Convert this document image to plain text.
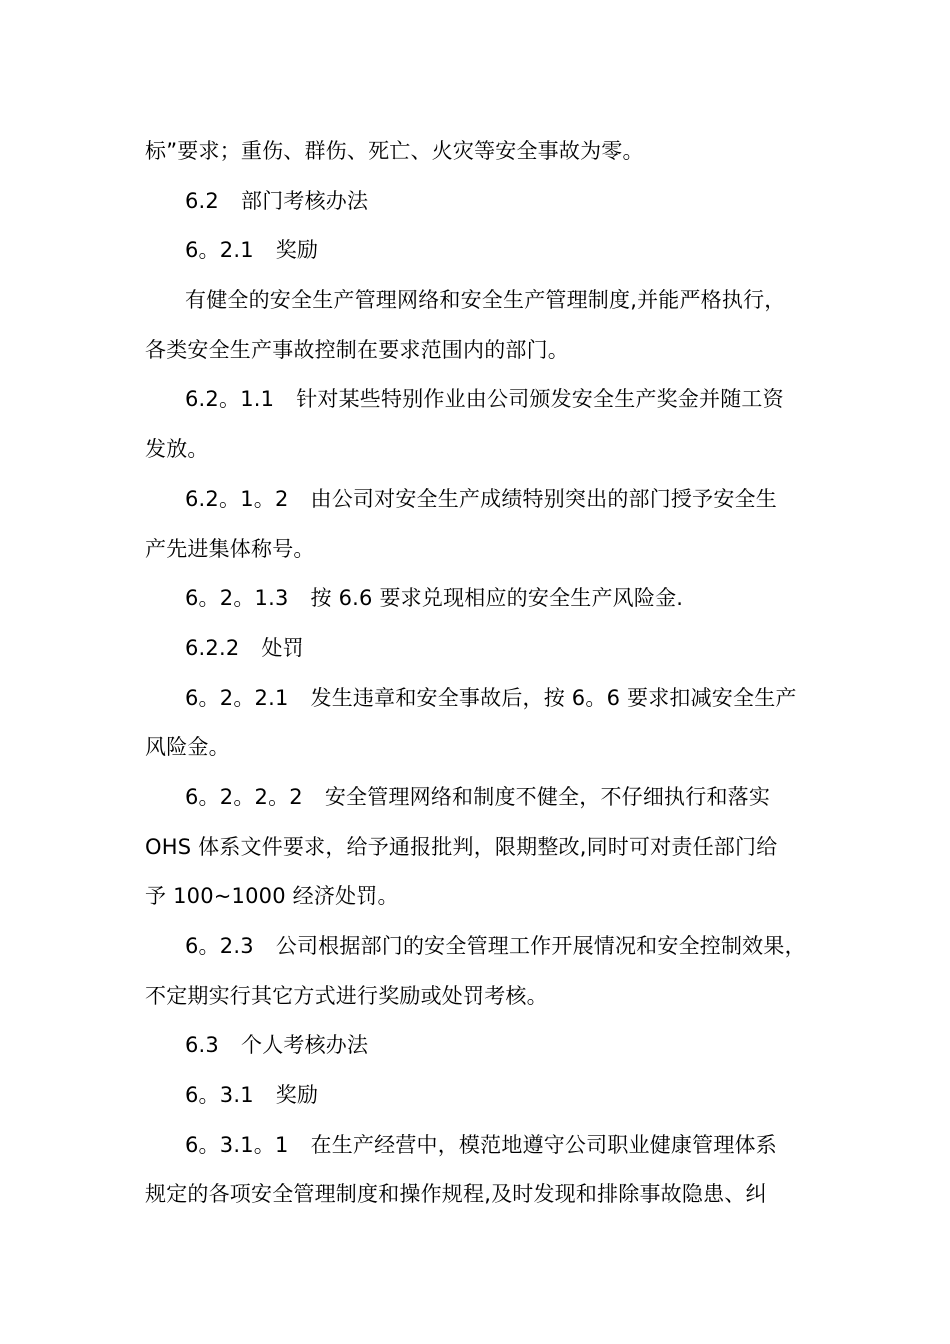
标”要求；重伤、群伤、死亡、火灾等安全事故为零。
6.2 部门考核办法
6。2.1 奖励
有健全的安全生产管理网络和安全生产管理制度,并能严格执行，
各类安全生产事故控制在要求范围内的部门。
6.2。1.1 针对某些特别作业由公司颁发安全生产奖金并随工资
发放。
6.2。1。2 由公司对安全生产成绩特别突出的部门授予安全生
产先进集体称号。
6。2。1.3 按 6.6 要求兑现相应的安全生产风险金.
6.2.2 处罚
6。2。2.1 发生违章和安全事故后，按 6。6 要求扣减安全生产
风险金。
6。2。2。2 安全管理网络和制度不健全，不仔细执行和落实
OHS 体系文件要求，给予通报批判，限期整改,同时可对责任部门给
予 100~1000 经济处罚。
6。2.3 公司根据部门的安全管理工作开展情况和安全控制效果，
不定期实行其它方式进行奖励或处罚考核。
6.3 个人考核办法
6。3.1 奖励
6。3.1。1 在生产经营中，模范地遵守公司职业健康管理体系
规定的各项安全管理制度和操作规程,及时发现和排除事故隐患、纠
